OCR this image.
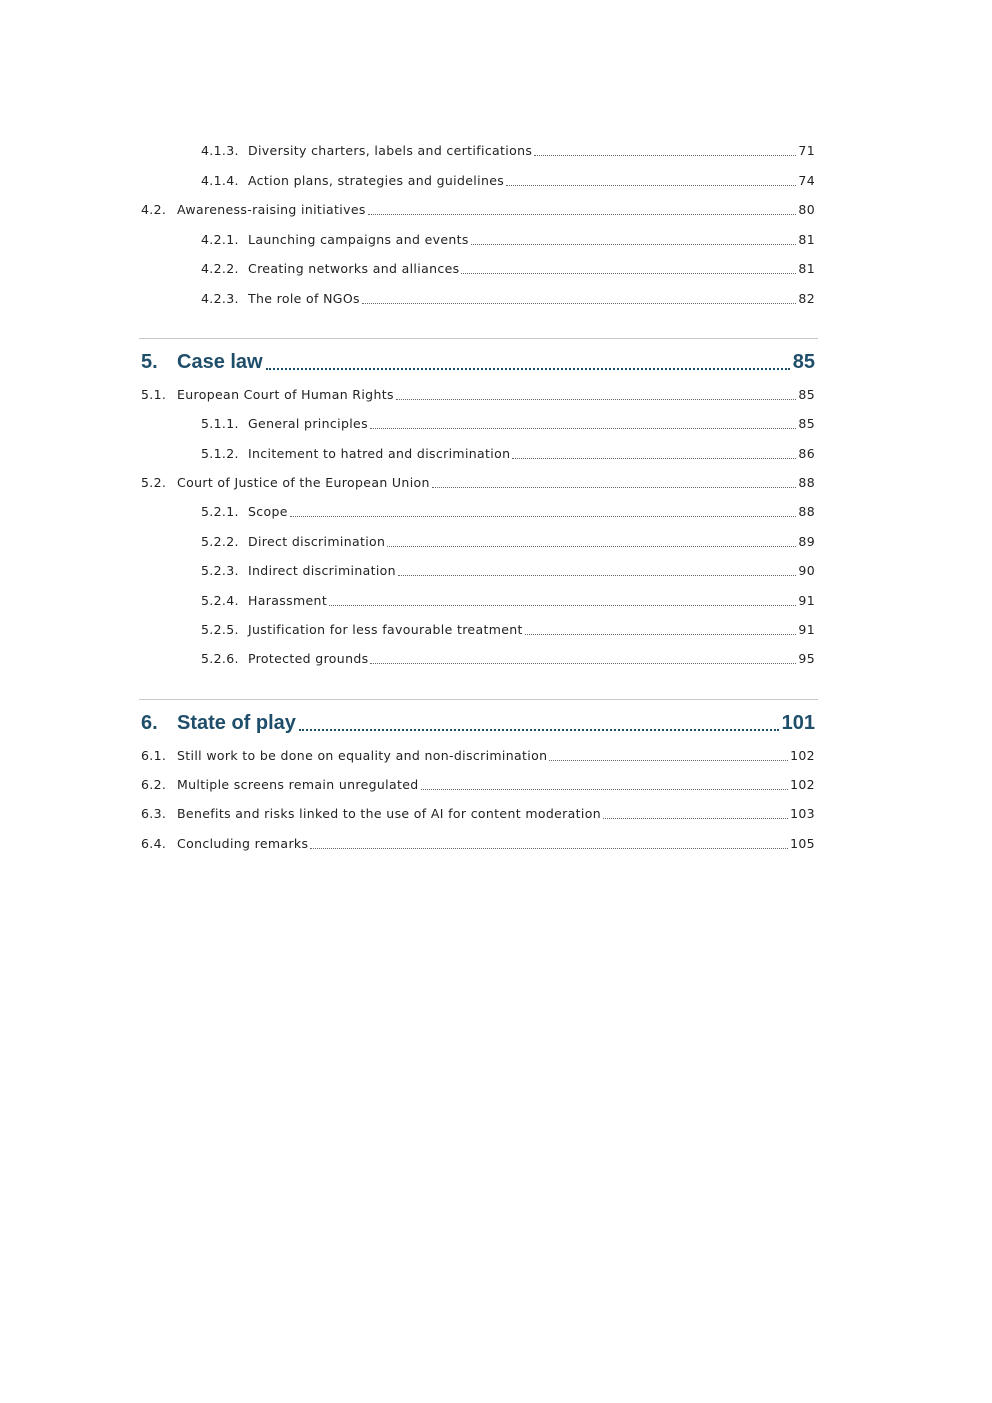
4.1.3. Diversity charters, labels and certifications	71
4.1.4. Action plans, strategies and guidelines	74
4.2. Awareness-raising initiatives	80
4.2.1. Launching campaigns and events	81
4.2.2. Creating networks and alliances	81
4.2.3. The role of NGOs	82
5. Case law	85
5.1. European Court of Human Rights	85
5.1.1. General principles	85
5.1.2. Incitement to hatred and discrimination	86
5.2. Court of Justice of the European Union	88
5.2.1. Scope	88
5.2.2. Direct discrimination	89
5.2.3. Indirect discrimination	90
5.2.4. Harassment	91
5.2.5. Justification for less favourable treatment	91
5.2.6. Protected grounds	95
6. State of play	101
6.1. Still work to be done on equality and non-discrimination	102
6.2. Multiple screens remain unregulated	102
6.3. Benefits and risks linked to the use of AI for content moderation	103
6.4. Concluding remarks	105
